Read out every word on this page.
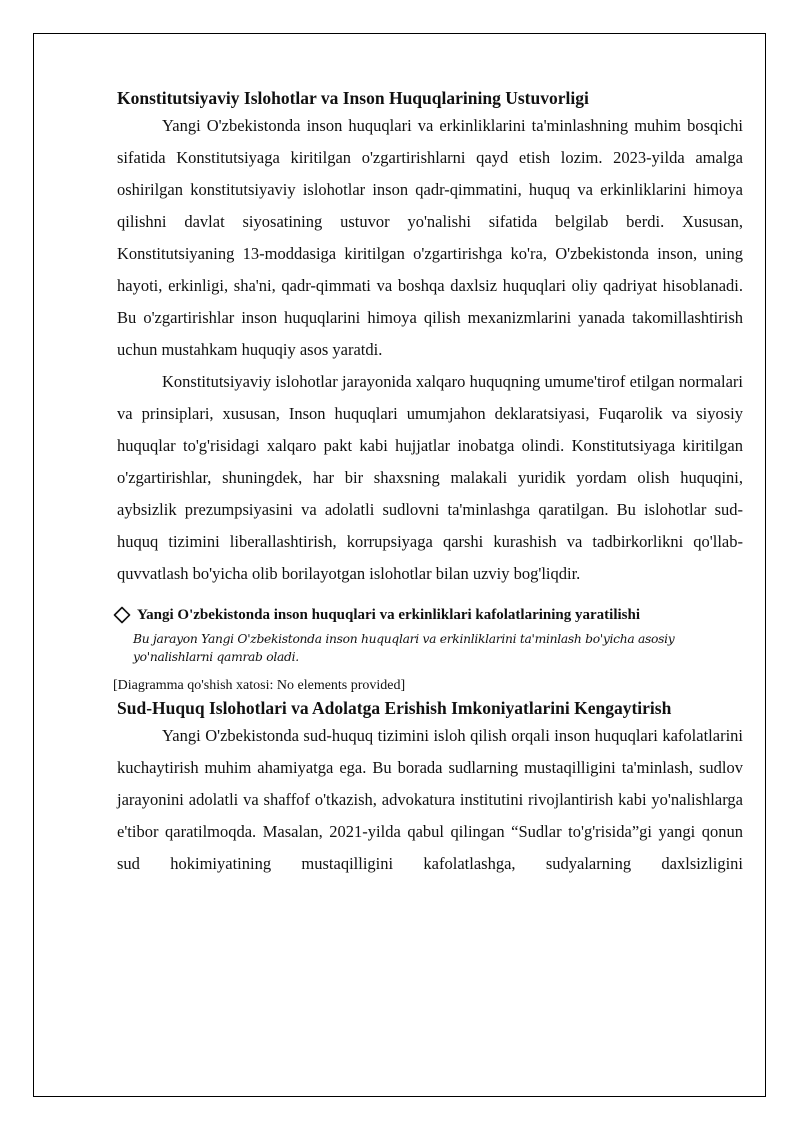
Konstitutsiyaviy Islohotlar va Inson Huquqlarining Ustuvorligi

Yangi O'zbekistonda inson huquqlari va erkinliklarini ta'minlashning muhim bosqichi sifatida Konstitutsiyaga kiritilgan o'zgartirishlarni qayd etish lozim. 2023-yilda amalga oshirilgan konstitutsiyaviy islohotlar inson qadr-qimmatini, huquq va erkinliklarini himoya qilishni davlat siyosatining ustuvor yo'nalishi sifatida belgilab berdi. Xususan, Konstitutsiyaning 13-moddasiga kiritilgan o'zgartirishga ko'ra, O'zbekistonda inson, uning hayoti, erkinligi, sha'ni, qadr-qimmati va boshqa daxlsiz huquqlari oliy qadriyat hisoblanadi. Bu o'zgartirishlar inson huquqlarini himoya qilish mexanizmlarini yanada takomillashtirish uchun mustahkam huquqiy asos yaratdi.

Konstitutsiyaviy islohotlar jarayonida xalqaro huquqning umume'tirof etilgan normalari va prinsiplari, xususan, Inson huquqlari umumjahon deklaratsiyasi, Fuqarolik va siyosiy huquqlar to'g'risidagi xalqaro pakt kabi hujjatlar inobatga olindi. Konstitutsiyaga kiritilgan o'zgartirishlar, shuningdek, har bir shaxsning malakali yuridik yordam olish huquqini, aybsizlik prezumpsiyasini va adolatli sudlovni ta'minlashga qaratilgan. Bu islohotlar sud-huquq tizimini liberallashtirish, korrupsiyaga qarshi kurashish va tadbirkorlikni qo'llab-quvvatlash bo'yicha olib borilayotgan islohotlar bilan uzviy bog'liqdir.

Yangi O'zbekistonda inson huquqlari va erkinliklari kafolatlarining yaratilishi
Bu jarayon Yangi O'zbekistonda inson huquqlari va erkinliklarini ta'minlash bo'yicha asosiy yo'nalishlarni qamrab oladi.
[Diagramma qo'shish xatosi: No elements provided]
Sud-Huquq Islohotlari va Adolatga Erishish Imkoniyatlarini Kengaytirish

Yangi O'zbekistonda sud-huquq tizimini isloh qilish orqali inson huquqlari kafolatlarini kuchaytirish muhim ahamiyatga ega. Bu borada sudlarning mustaqilligini ta'minlash, sudlov jarayonini adolatli va shaffof o'tkazish, advokatura institutini rivojlantirish kabi yo'nalishlarga e'tibor qaratilmoqda. Masalan, 2021-yilda qabul qilingan “Sudlar to'g'risida”gi yangi qonun sud hokimiyatining mustaqilligini kafolatlashga, sudyalarning daxlsizligini
